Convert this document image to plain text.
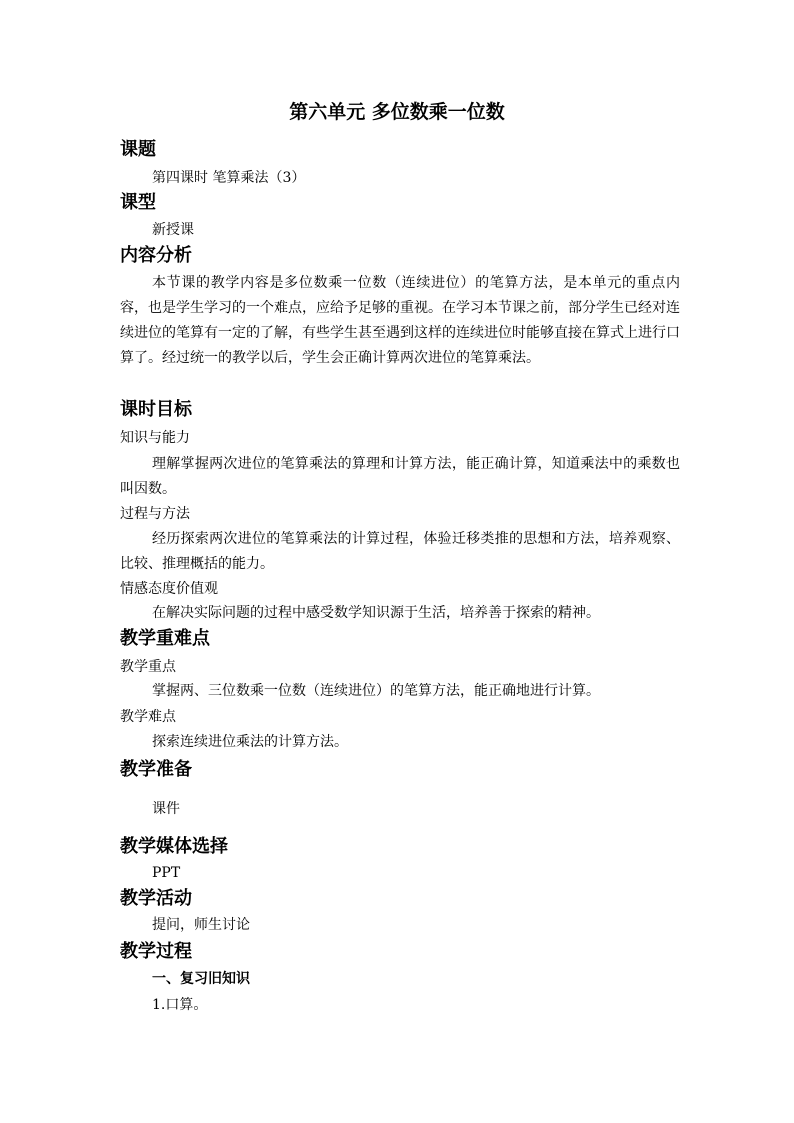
第六单元 多位数乘一位数
课题
第四课时 笔算乘法（3）
课型
新授课
内容分析
本节课的教学内容是多位数乘一位数（连续进位）的笔算方法，是本单元的重点内容，也是学生学习的一个难点，应给予足够的重视。在学习本节课之前，部分学生已经对连续进位的笔算有一定的了解，有些学生甚至遇到这样的连续进位时能够直接在算式上进行口算了。经过统一的教学以后，学生会正确计算两次进位的笔算乘法。
课时目标
知识与能力
理解掌握两次进位的笔算乘法的算理和计算方法，能正确计算，知道乘法中的乘数也叫因数。
过程与方法
经历探索两次进位的笔算乘法的计算过程，体验迁移类推的思想和方法，培养观察、比较、推理概括的能力。
情感态度价值观
在解决实际问题的过程中感受数学知识源于生活，培养善于探索的精神。
教学重难点
教学重点
掌握两、三位数乘一位数（连续进位）的笔算方法，能正确地进行计算。
教学难点
探索连续进位乘法的计算方法。
教学准备
课件
教学媒体选择
PPT
教学活动
提问，师生讨论
教学过程
一、复习旧知识
1.口算。
